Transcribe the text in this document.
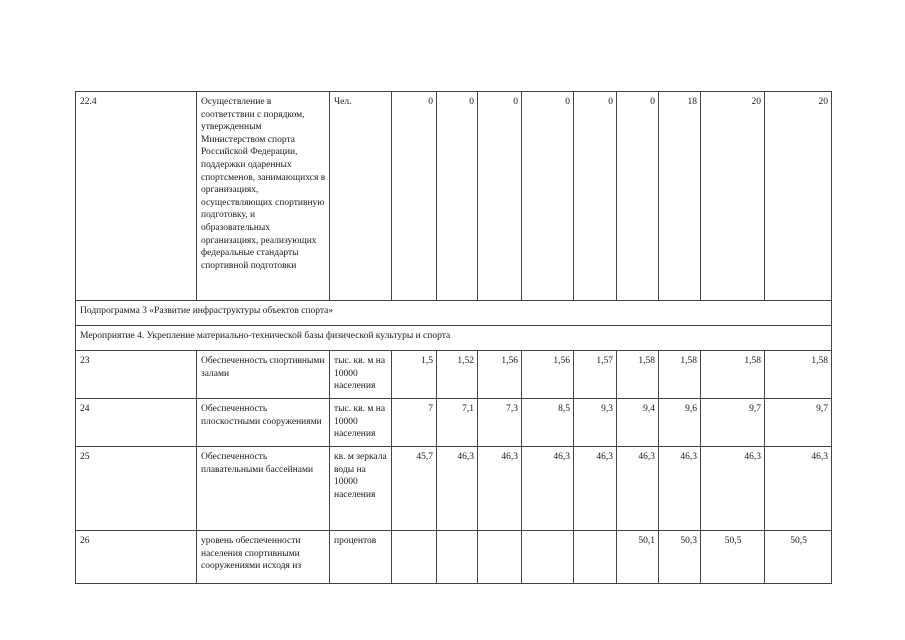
22.4	Осуществление в соответствии с порядком, утвержденным Министерством спорта Российской Федерации, поддержки одаренных спортсменов, занимающихся в организациях, осуществляющих спортивную подготовку, и образовательных организациях, реализующих федеральные стандарты спортивной подготовки	Чел.	0	0	0	0	0	0	18	20	20
Подпрограмма 3 «Развитие инфраструктуры объектов спорта»											
Мероприятие 4. Укрепление материально-технической базы физической культуры и спорта											
23	Обеспеченность спортивными залами	тыс. кв. м на 10000 населения	1,5	1,52	1,56	1,56	1,57	1,58	1,58	1,58	1,58
24	Обеспеченность плоскостными сооружениями	тыс. кв. м на 10000 населения	7	7,1	7,3	8,5	9,3	9,4	9,6	9,7	9,7
25	Обеспеченность плавательными бассейнами	кв. м зеркала воды на 10000 населения	45,7	46,3	46,3	46,3	46,3	46,3	46,3	46,3	46,3
26	уровень обеспеченности населения спортивными сооружениями исходя из	процентов						50,1	50,3	50,5	50,5
